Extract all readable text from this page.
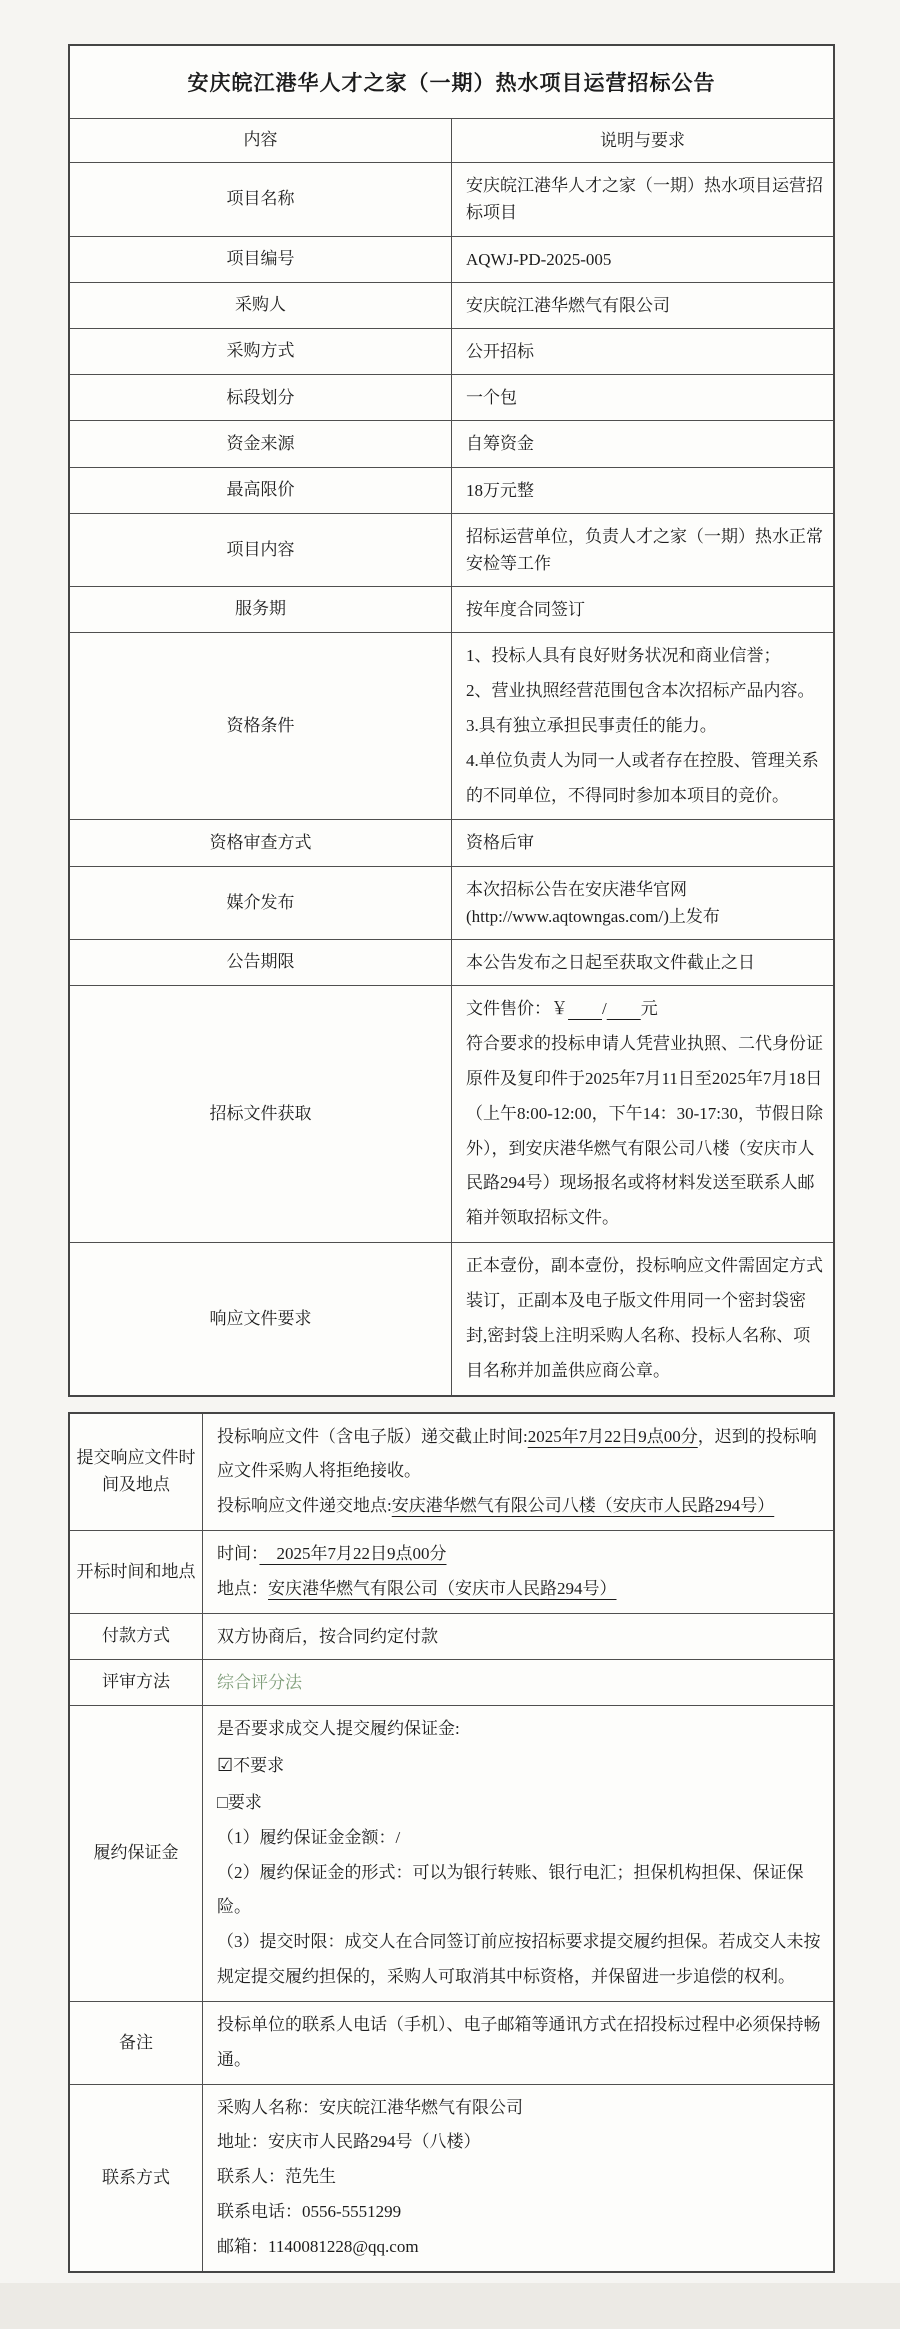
安庆皖江港华人才之家（一期）热水项目运营招标公告	
内容	说明与要求
项目名称	安庆皖江港华人才之家（一期）热水项目运营招标项目
项目编号	AQWJ-PD-2025-005
采购人	安庆皖江港华燃气有限公司
采购方式	公开招标
标段划分	一个包
资金来源	自筹资金
最高限价	18万元整
项目内容	招标运营单位，负责人才之家（一期）热水正常安检等工作
服务期	按年度合同签订
资格条件	1、投标人具有良好财务状况和商业信誉；

2、营业执照经营范围包含本次招标产品内容。

3.具有独立承担民事责任的能力。

4.单位负责人为同一人或者存在控股、管理关系的不同单位，不得同时参加本项目的竞价。

资格审查方式	资格后审
媒介发布	本次招标公告在安庆港华官网(http://www.aqtowngas.com/)上发布
公告期限	本公告发布之日起至获取文件截止之日
招标文件获取	文件售价：￥　　 /　　 元

符合要求的投标申请人凭营业执照、二代身份证原件及复印件于2025年7月11日至2025年7月18日（上午8:00-12:00，下午14：30-17:30，节假日除外），到安庆港华燃气有限公司八楼（安庆市人民路294号）现场报名或将材料发送至联系人邮箱并领取招标文件。

响应文件要求	正本壹份，副本壹份，投标响应文件需固定方式装订，正副本及电子版文件用同一个密封袋密封,密封袋上注明采购人名称、投标人名称、项目名称并加盖供应商公章。

提交响应文件时间及地点	投标响应文件（含电子版）递交截止时间:2025年7月22日9点00分，迟到的投标响应文件采购人将拒绝接收。

投标响应文件递交地点:安庆港华燃气有限公司八楼（安庆市人民路294号）

开标时间和地点	时间：　2025年7月22日9点00分

地点：安庆港华燃气有限公司（安庆市人民路294号）

付款方式	双方协商后，按合同约定付款
评审方法	综合评分法
履约保证金	

是否要求成交人提交履约保证金:

☑不要求

□要求

（1）履约保证金金额：/

（2）履约保证金的形式：可以为银行转账、银行电汇；担保机构担保、保证保险。

（3）提交时限：成交人在合同签订前应按招标要求提交履约担保。若成交人未按规定提交履约担保的，采购人可取消其中标资格，并保留进一步追偿的权利。

备注	投标单位的联系人电话（手机）、电子邮箱等通讯方式在招投标过程中必须保持畅通。

联系方式	采购人名称：安庆皖江港华燃气有限公司

地址：安庆市人民路294号（八楼）

联系人：范先生

联系电话：0556-5551299

邮箱：1140081228@qq.com
